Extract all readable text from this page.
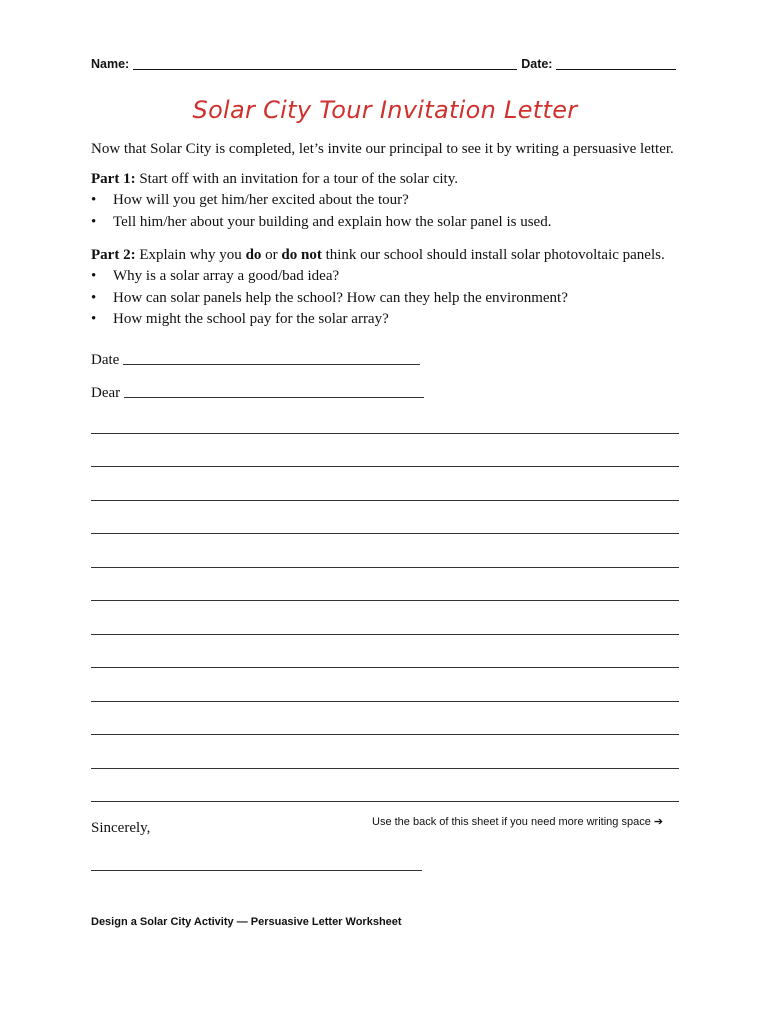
Name:	Date:
Solar City Tour Invitation Letter
Now that Solar City is completed, let’s invite our principal to see it by writing a persuasive letter.
Part 1: Start off with an invitation for a tour of the solar city.
• How will you get him/her excited about the tour?
• Tell him/her about your building and explain how the solar panel is used.
Part 2: Explain why you do or do not think our school should install solar photovoltaic panels.
• Why is a solar array a good/bad idea?
• How can solar panels help the school? How can they help the environment?
• How might the school pay for the solar array?
Date
Dear
Use the back of this sheet if you need more writing space ➔
Sincerely,
Design a Solar City Activity — Persuasive Letter Worksheet
